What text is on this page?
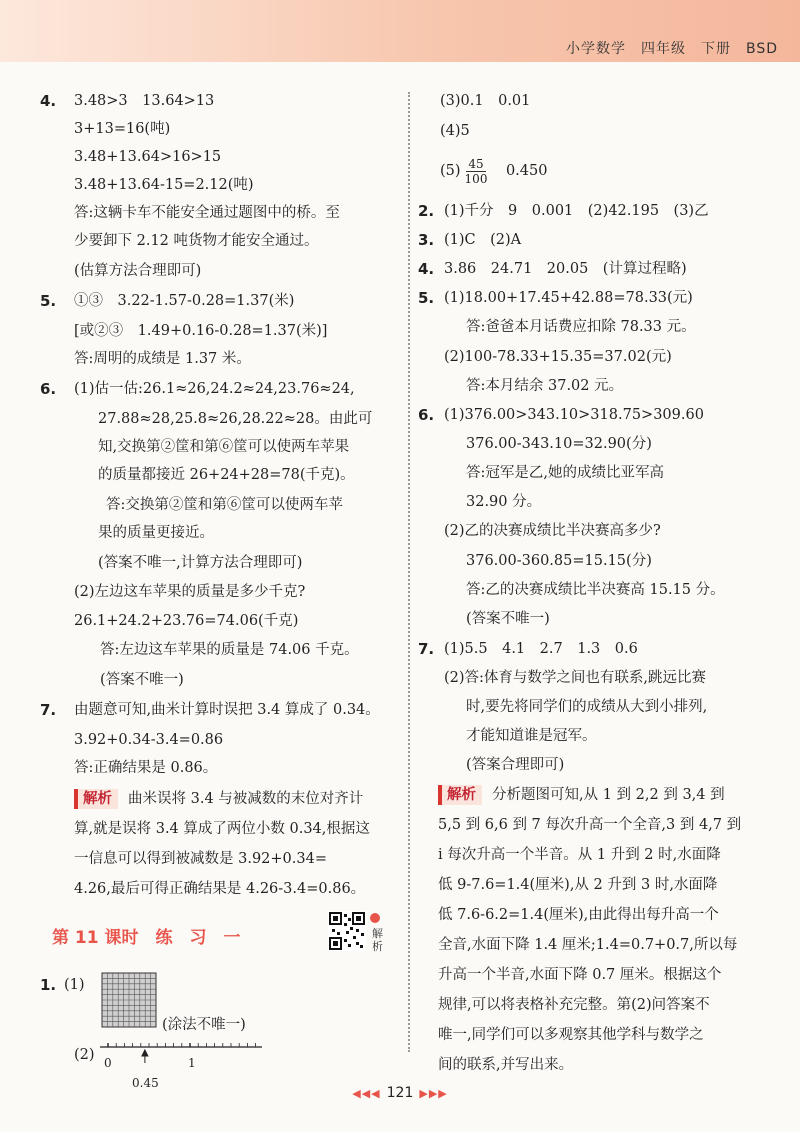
小学数学　四年级　下册　BSD
4. 3.48>3　13.64>13
3+13=16(吨)
3.48+13.64>16>15
3.48+13.64-15=2.12(吨)
答:这辆卡车不能安全通过题图中的桥。至
少要卸下 2.12 吨货物才能安全通过。
(估算方法合理即可)
5. ①③　3.22-1.57-0.28=1.37(米)
[或②③　1.49+0.16-0.28=1.37(米)]
答:周明的成绩是 1.37 米。
6. (1)估一估:26.1≈26,24.2≈24,23.76≈24,
27.88≈28,25.8≈26,28.22≈28。由此可
知,交换第②筐和第⑥筐可以使两车苹果
的质量都接近 26+24+28=78(千克)。
答:交换第②筐和第⑥筐可以使两车苹
果的质量更接近。
(答案不唯一,计算方法合理即可)
(2)左边这车苹果的质量是多少千克?
26.1+24.2+23.76=74.06(千克)
答:左边这车苹果的质量是 74.06 千克。
(答案不唯一)
7. 由题意可知,曲米计算时误把 3.4 算成了 0.34。
3.92+0.34-3.4=0.86
答:正确结果是 0.86。
解析 曲米误将 3.4 与被减数的末位对齐计
算,就是误将 3.4 算成了两位小数 0.34,根据这
一信息可以得到被减数是 3.92+0.34=
4.26,最后可得正确结果是 4.26-3.4=0.86。
第 11 课时　练　习　一	解析
1. (1)
(涂法不唯一)
(2) 0	1
0.45
(3)0.1　0.01
(4)5
$(5) \frac{45}{100}$
　 0.450
2. (1)千分　9　0.001　(2)42.195　(3)乙
3. (1)C　(2)A
4. 3.86　24.71　20.05　(计算过程略)
5. (1)18.00+17.45+42.88=78.33(元)
答:爸爸本月话费应扣除 78.33 元。
(2)100-78.33+15.35=37.02(元)
答:本月结余 37.02 元。
6. (1)376.00>343.10>318.75>309.60
376.00-343.10=32.90(分)
答:冠军是乙,她的成绩比亚军高
32.90 分。
(2)乙的决赛成绩比半决赛高多少?
376.00-360.85=15.15(分)
答:乙的决赛成绩比半决赛高 15.15 分。
(答案不唯一)
7. (1)5.5　4.1　2.7　1.3　0.6
(2)答:体育与数学之间也有联系,跳远比赛
时,要先将同学们的成绩从大到小排列,
才能知道谁是冠军。
(答案合理即可)
解析 分析题图可知,从 1 到 2,2 到 3,4 到
5,5 到 6,6 到 7 每次升高一个全音,3 到 4,7 到
i 每次升高一个半音。从 1 升到 2 时,水面降
低 9-7.6=1.4(厘米),从 2 升到 3 时,水面降
低 7.6-6.2=1.4(厘米),由此得出每升高一个
全音,水面下降 1.4 厘米;1.4=0.7+0.7,所以每
升高一个半音,水面下降 0.7 厘米。根据这个
规律,可以将表格补充完整。第(2)问答案不
唯一,同学们可以多观察其他学科与数学之
间的联系,并写出来。
◀◀◀ 121 ▶▶▶
